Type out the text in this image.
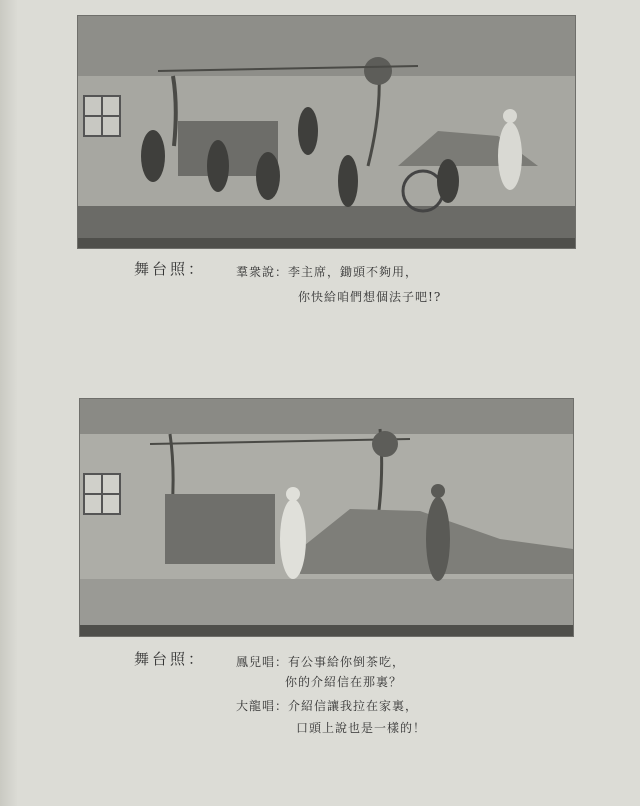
舞台照： 羣衆說：李主席，鋤頭不夠用，
你快給咱們想個法子吧!?
舞台照： 鳳兒唱：有公事給你倒茶吃，
你的介紹信在那裏？
大龍唱：介紹信讓我拉在家裏，
口頭上說也是一樣的！
